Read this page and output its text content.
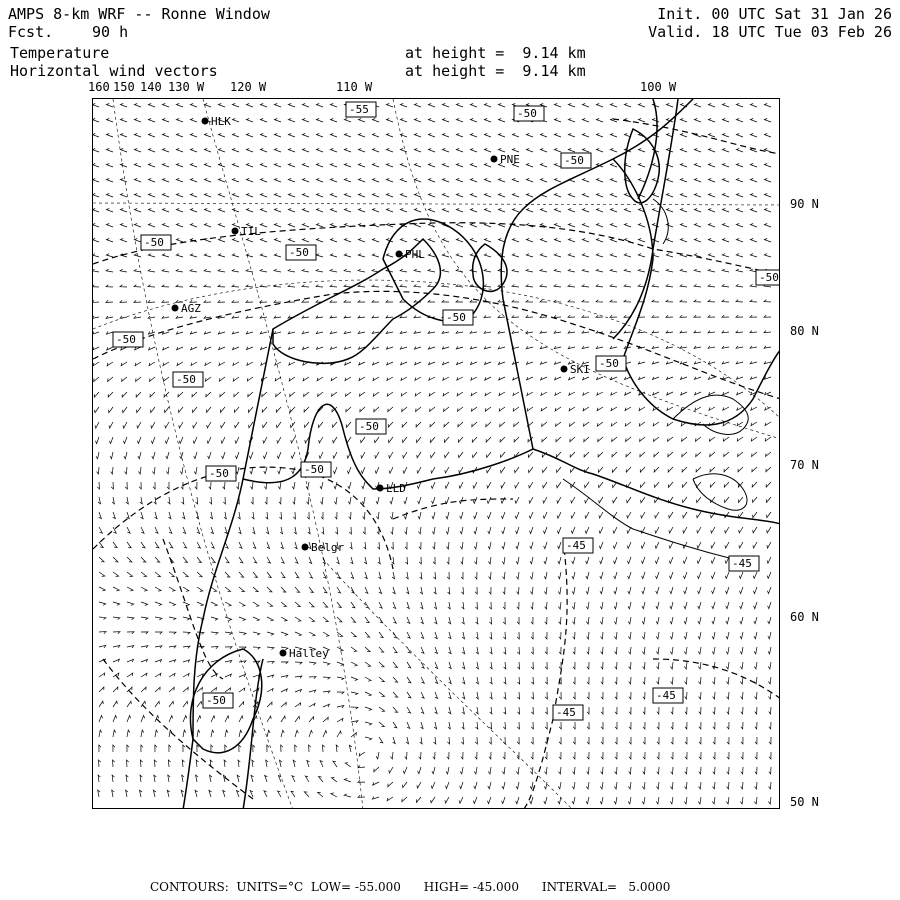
AMPS 8-km WRF -- Ronne Window
Fcst.	90 h
Init. 00 UTC Sat 31 Jan 26
Valid. 18 UTC Tue 03 Feb 26
Temperature
Horizontal wind vectors
at height =  9.14 km
at height =  9.14 km
160 150 140 130 W 120 W	110 W	100 W
90 N
80 N
70 N
60 N
50 N
-55	-50
-50
-50
-50
-50
-50
-50
-50
-50
-50	-50
-50
-50
-45
-45
-45
-45
HLK
PNE
TIL
PHL
AGZ
SKI
LLD
Belgr
Halley
CONTOURS:  UNITS=°C  LOW= -55.000      HIGH= -45.000      INTERVAL=   5.0000
